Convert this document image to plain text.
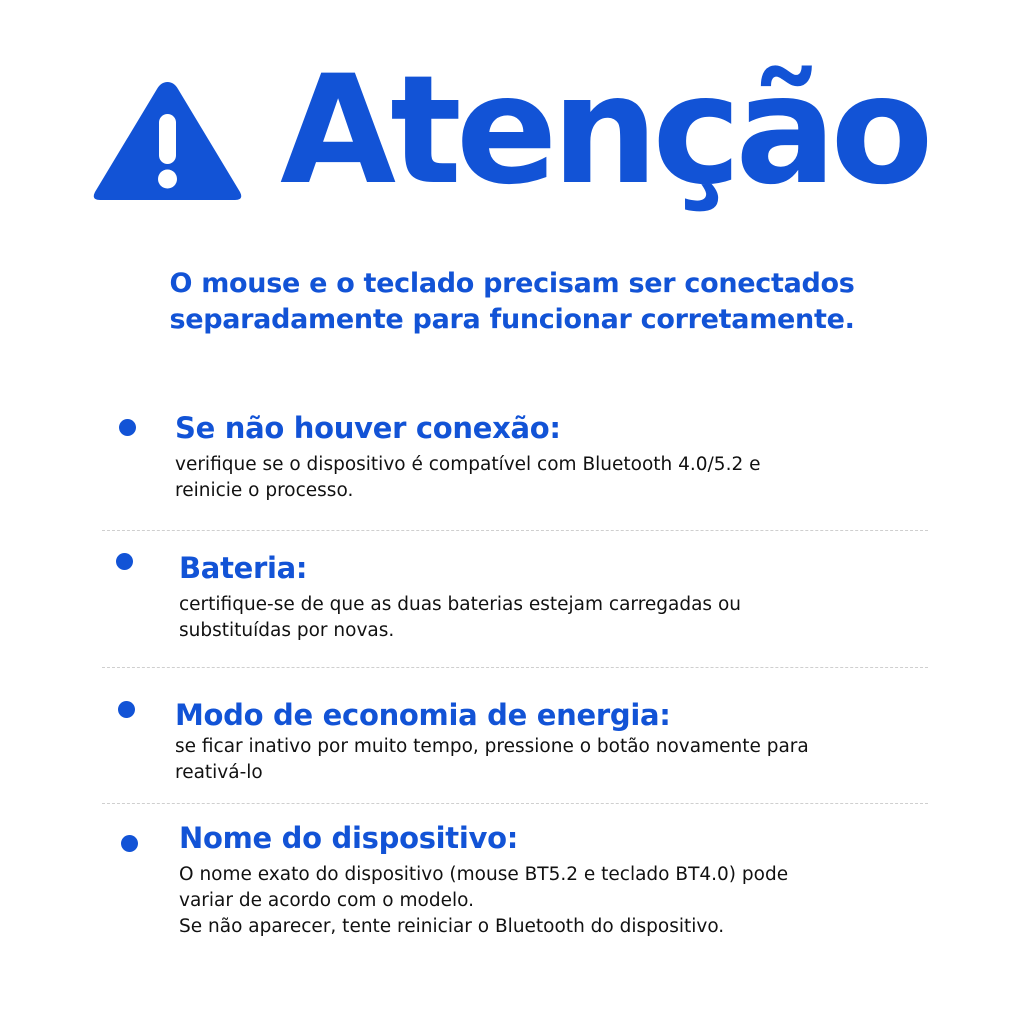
Atenção
O mouse e o teclado precisam ser conectados
separadamente para funcionar corretamente.
Se não houver conexão:

verifique se o dispositivo é compatível com Bluetooth 4.0/5.2 e
reinicie o processo.

Bateria:

certifique-se de que as duas baterias estejam carregadas ou
substituídas por novas.

Modo de economia de energia:

se ficar inativo por muito tempo, pressione o botão novamente para
reativá-lo

Nome do dispositivo:

O nome exato do dispositivo (mouse BT5.2 e teclado BT4.0) pode
variar de acordo com o modelo.
Se não aparecer, tente reiniciar o Bluetooth do dispositivo.
